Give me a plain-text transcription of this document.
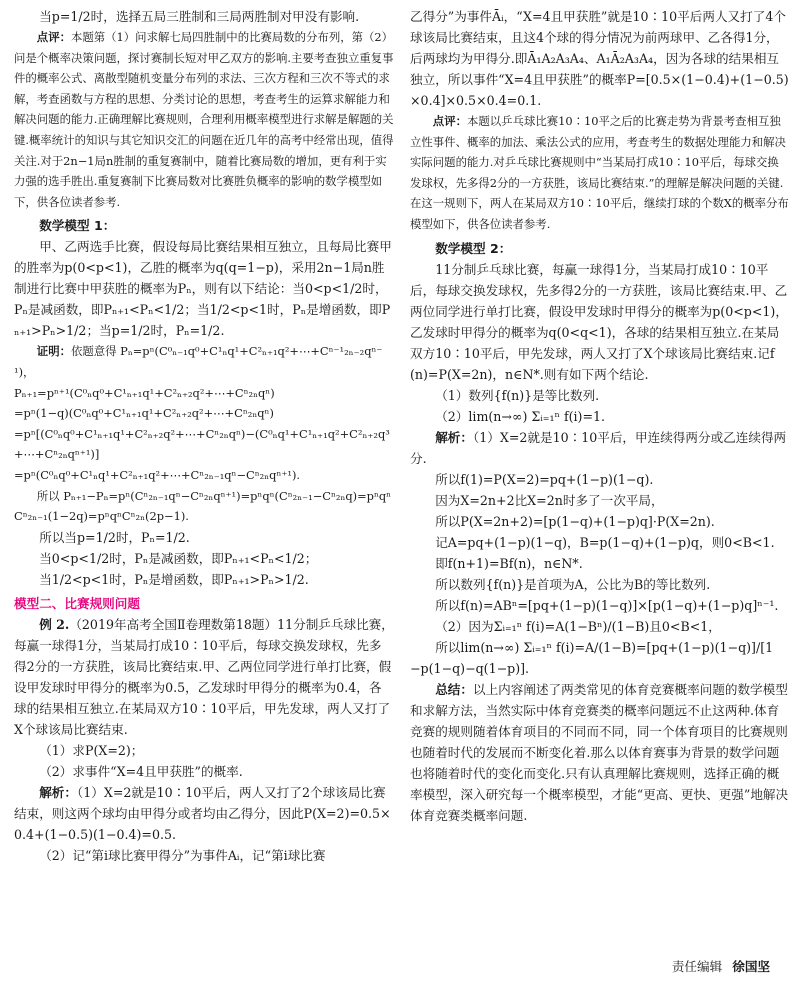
当p=1/2时，选择五局三胜制和三局两胜制对甲没有影响.
点评：本题第（1）问求解七局四胜制中的比赛局数的分布列，第（2）问是个概率决策问题，探讨赛制长短对甲乙双方的影响.主要考查独立重复事件的概率公式、离散型随机变量分布列的求法、三次方程和三次不等式的求解，考查函数与方程的思想、分类讨论的思想，考查考生的运算求解能力和解决问题的能力.正确理解比赛规则，合理利用概率模型进行求解是解题的关键.概率统计的知识与其它知识交汇的问题在近几年的高考中经常出现，值得关注.对于2n−1局n胜制的重复赛制中，随着比赛局数的增加，更有利于实力强的选手胜出.重复赛制下比赛局数对比赛胜负概率的影响的数学模型如下，供各位读者参考.
数学模型 1：
甲、乙两选手比赛，假设每局比赛结果相互独立，且每局比赛甲的胜率为p(0<p<1)，乙胜的概率为q(q=1−p)，采用2n−1局n胜制进行比赛中甲获胜的概率为Pₙ，则有以下结论：当0<p<1/2时，Pₙ是减函数，即Pₙ₊₁<Pₙ<1/2；当1/2<p<1时，Pₙ是增函数，即Pₙ₊₁>Pₙ>1/2；当p=1/2时，Pₙ=1/2.
证明：依题意得 Pₙ=pⁿ(C⁰ₙ₋₁q⁰+C¹ₙq¹+C²ₙ₊₁q²+⋯+Cⁿ⁻¹₂ₙ₋₂qⁿ⁻¹)，
Pₙ₊₁=pⁿ⁺¹(C⁰ₙq⁰+C¹ₙ₊₁q¹+C²ₙ₊₂q²+⋯+Cⁿ₂ₙqⁿ)
=pⁿ(1−q)(C⁰ₙq⁰+C¹ₙ₊₁q¹+C²ₙ₊₂q²+⋯+Cⁿ₂ₙqⁿ)
=pⁿ[(C⁰ₙq⁰+C¹ₙ₊₁q¹+C²ₙ₊₂q²+⋯+Cⁿ₂ₙqⁿ)−(C⁰ₙq¹+C¹ₙ₊₁q²+C²ₙ₊₂q³+⋯+Cⁿ₂ₙqⁿ⁺¹)]
=pⁿ(C⁰ₙq⁰+C¹ₙq¹+C²ₙ₊₁q²+⋯+Cⁿ₂ₙ₋₁qⁿ−Cⁿ₂ₙqⁿ⁺¹).
所以 Pₙ₊₁−Pₙ=pⁿ(Cⁿ₂ₙ₋₁qⁿ−Cⁿ₂ₙqⁿ⁺¹)=pⁿqⁿ(Cⁿ₂ₙ₋₁−Cⁿ₂ₙq)=pⁿqⁿCⁿ₂ₙ₋₁(1−2q)=pⁿqⁿCⁿ₂ₙ(2p−1).
所以当p=1/2时，Pₙ=1/2.
当0<p<1/2时，Pₙ是减函数，即Pₙ₊₁<Pₙ<1/2；
当1/2<p<1时，Pₙ是增函数，即Pₙ₊₁>Pₙ>1/2.
模型二、比赛规则问题
例 2.（2019年高考全国Ⅱ卷理数第18题）11分制乒乓球比赛，每赢一球得1分，当某局打成10∶10平后，每球交换发球权，先多得2分的一方获胜，该局比赛结束.甲、乙两位同学进行单打比赛，假设甲发球时甲得分的概率为0.5，乙发球时甲得分的概率为0.4，各球的结果相互独立.在某局双方10∶10平后，甲先发球，两人又打了X个球该局比赛结束.
（1）求P(X=2)；
（2）求事件“X=4且甲获胜”的概率.
解析：（1）X=2就是10∶10平后，两人又打了2个球该局比赛结束，则这两个球均由甲得分或者均由乙得分，因此P(X=2)=0.5×0.4+(1−0.5)(1−0.4)=0.5.
（2）记“第i球比赛甲得分”为事件Aᵢ，记“第i球比赛
乙得分”为事件Āᵢ，“X=4且甲获胜”就是10∶10平后两人又打了4个球该局比赛结束，且这4个球的得分情况为前两球甲、乙各得1分，后两球均为甲得分.即Ā₁A₂A₃A₄、A₁Ā₂A₃A₄，因为各球的结果相互独立，所以事件“X=4且甲获胜”的概率P=[0.5×(1−0.4)+(1−0.5)×0.4]×0.5×0.4=0.1.
点评：本题以乒乓球比赛10∶10平之后的比赛走势为背景考查相互独立性事件、概率的加法、乘法公式的应用，考查考生的数据处理能力和解决实际问题的能力.对乒乓球比赛规则中“当某局打成10∶10平后，每球交换发球权，先多得2分的一方获胜，该局比赛结束.”的理解是解决问题的关键.在这一规则下，两人在某局双方10∶10平后，继续打球的个数X的概率分布模型如下，供各位读者参考.
数学模型 2：
11分制乒乓球比赛，每赢一球得1分，当某局打成10∶10平后，每球交换发球权，先多得2分的一方获胜，该局比赛结束.甲、乙两位同学进行单打比赛，假设甲发球时甲得分的概率为p(0<p<1)，乙发球时甲得分的概率为q(0<q<1)，各球的结果相互独立.在某局双方10∶10平后，甲先发球，两人又打了X个球该局比赛结束.记f(n)=P(X=2n)，n∈N*.则有如下两个结论.
（1）数列{f(n)}是等比数列.
（2）lim(n→∞) Σᵢ₌₁ⁿ f(i)=1.
解析：（1）X=2就是10∶10平后，甲连续得两分或乙连续得两分.
所以f(1)=P(X=2)=pq+(1−p)(1−q).
因为X=2n+2比X=2n时多了一次平局，
所以P(X=2n+2)=[p(1−q)+(1−p)q]·P(X=2n).
记A=pq+(1−p)(1−q)，B=p(1−q)+(1−p)q，则0<B<1.
即f(n+1)=Bf(n)，n∈N*.
所以数列{f(n)}是首项为A，公比为B的等比数列.
所以f(n)=ABⁿ=[pq+(1−p)(1−q)]×[p(1−q)+(1−p)q]ⁿ⁻¹.
（2）因为Σᵢ₌₁ⁿ f(i)=A(1−Bⁿ)/(1−B)且0<B<1，
所以lim(n→∞) Σᵢ₌₁ⁿ f(i)=A/(1−B)=[pq+(1−p)(1−q)]/[1−p(1−q)−q(1−p)].
总结：以上内容阐述了两类常见的体育竞赛概率问题的数学模型和求解方法，当然实际中体育竞赛类的概率问题远不止这两种.体育竞赛的规则随着体育项目的不同而不同，同一个体育项目的比赛规则也随着时代的发展而不断变化着.那么以体育赛事为背景的数学问题也将随着时代的变化而变化.只有认真理解比赛规则，选择正确的概率模型，深入研究每一个概率模型，才能“更高、更快、更强”地解决体育竞赛类概率问题.
责任编辑 徐国坚
